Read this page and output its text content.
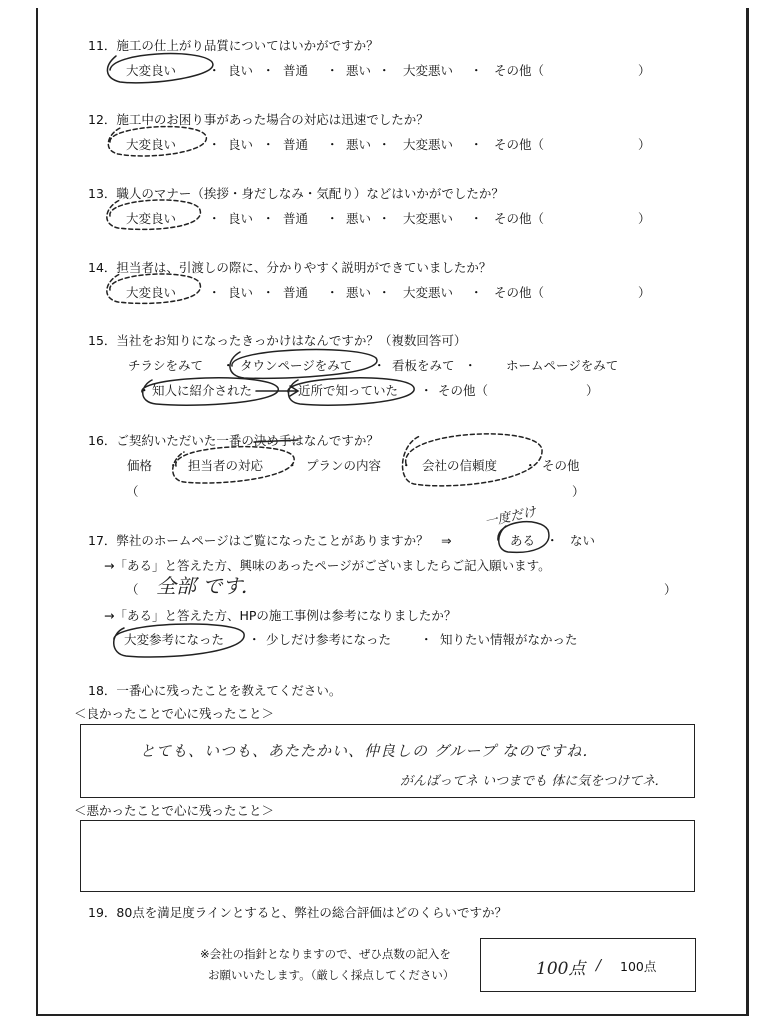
11．施工の仕上がり品質についてはいかがですか？
大変良い	・ 良い ・ 普通 ・ 悪い ・ 大変悪い ・ その他（	）
12．施工中のお困り事があった場合の対応は迅速でしたか？
大変良い	・ 良い ・ 普通 ・ 悪い ・ 大変悪い ・ その他（	）
13．職人のマナー（挨拶・身だしなみ・気配り）などはいかがでしたか？
大変良い	・ 良い ・ 普通 ・ 悪い ・ 大変悪い ・ その他（	）
14．担当者は、引渡しの際に、分かりやすく説明ができていましたか？
大変良い	・ 良い ・ 普通 ・ 悪い ・ 大変悪い ・ その他（	）
15．当社をお知りになったきっかけはなんですか？（複数回答可）
チラシをみて ・ タウンページをみて ・ 看板をみて ・ ホームページをみて
・ 知人に紹介された	近所で知っていた ・ その他（	）
16．ご契約いただいた一番の決め手はなんですか？
価格 ・ 担当者の対応 ・ プランの内容 ・ 会社の信頼度 ・ その他
（	）
17．弊社のホームページはご覧になったことがありますか？　⇒	ある ・ ない
一度だけ
→「ある」と答えた方、興味のあったページがございましたらご記入願います。
（ 全部 です．	）
→「ある」と答えた方、HPの施工事例は参考になりましたか？
大変参考になった ・ 少しだけ参考になった ・ 知りたい情報がなかった
18．一番心に残ったことを教えてください。
＜良かったことで心に残ったこと＞
とても、いつも、あたたかい、仲良しの グループ なのですね．
がんばってネ いつまでも 体に気をつけてネ．
＜悪かったことで心に残ったこと＞
19．80点を満足度ラインとすると、弊社の総合評価はどのくらいですか？
※会社の指針となりますので、ぜひ点数の記入を
お願いいたします。（厳しく採点してください）	100点 / 100点
